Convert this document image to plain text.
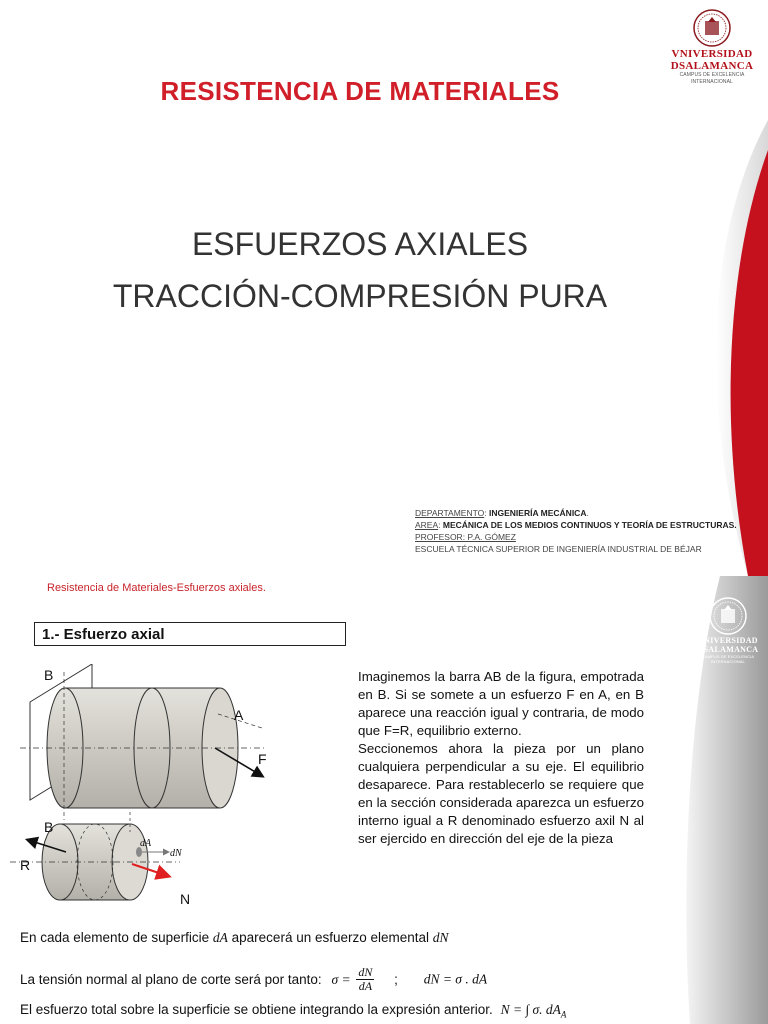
VNIVERSIDAD
DSALAMANCA
CAMPUS DE EXCELENCIA INTERNACIONAL
RESISTENCIA DE MATERIALES
ESFUERZOS AXIALES
TRACCIÓN-COMPRESIÓN PURA
DEPARTAMENTO: INGENIERÍA MECÁNICA.
AREA: MECÁNICA DE LOS MEDIOS CONTINUOS Y TEORÍA DE ESTRUCTURAS.
PROFESOR: P.A. GÓMEZ
ESCUELA TÉCNICA SUPERIOR DE INGENIERÍA INDUSTRIAL DE BÉJAR
VNIVERSIDAD
DSALAMANCA
CAMPUS DE EXCELENCIA INTERNACIONAL
Resistencia de Materiales-Esfuerzos axiales.
1.- Esfuerzo axial
B
A
F
B
R
dA
dN
N

Imaginemos la barra AB de la figura, empotrada en B. Si se somete a un esfuerzo F en A, en B aparece una reacción igual y contraria, de modo que F=R, equilibrio externo.

Seccionemos ahora la pieza por un plano cualquiera perpendicular a su eje. El equilibrio desaparece. Para restablecerlo se requiere que en la sección considerada aparezca un esfuerzo interno igual a R denominado esfuerzo axil N al ser ejercido en dirección del eje de la pieza

En cada elemento de superficie dA aparecerá un esfuerzo elemental dN
La tensión normal al plano de corte será por tanto: $\sigma = \frac{dN}{dA}$ ; dN = σ . dA
El esfuerzo total sobre la superficie se obtiene integrando la expresión anterior. N = ∫ σ. $dA_A$
